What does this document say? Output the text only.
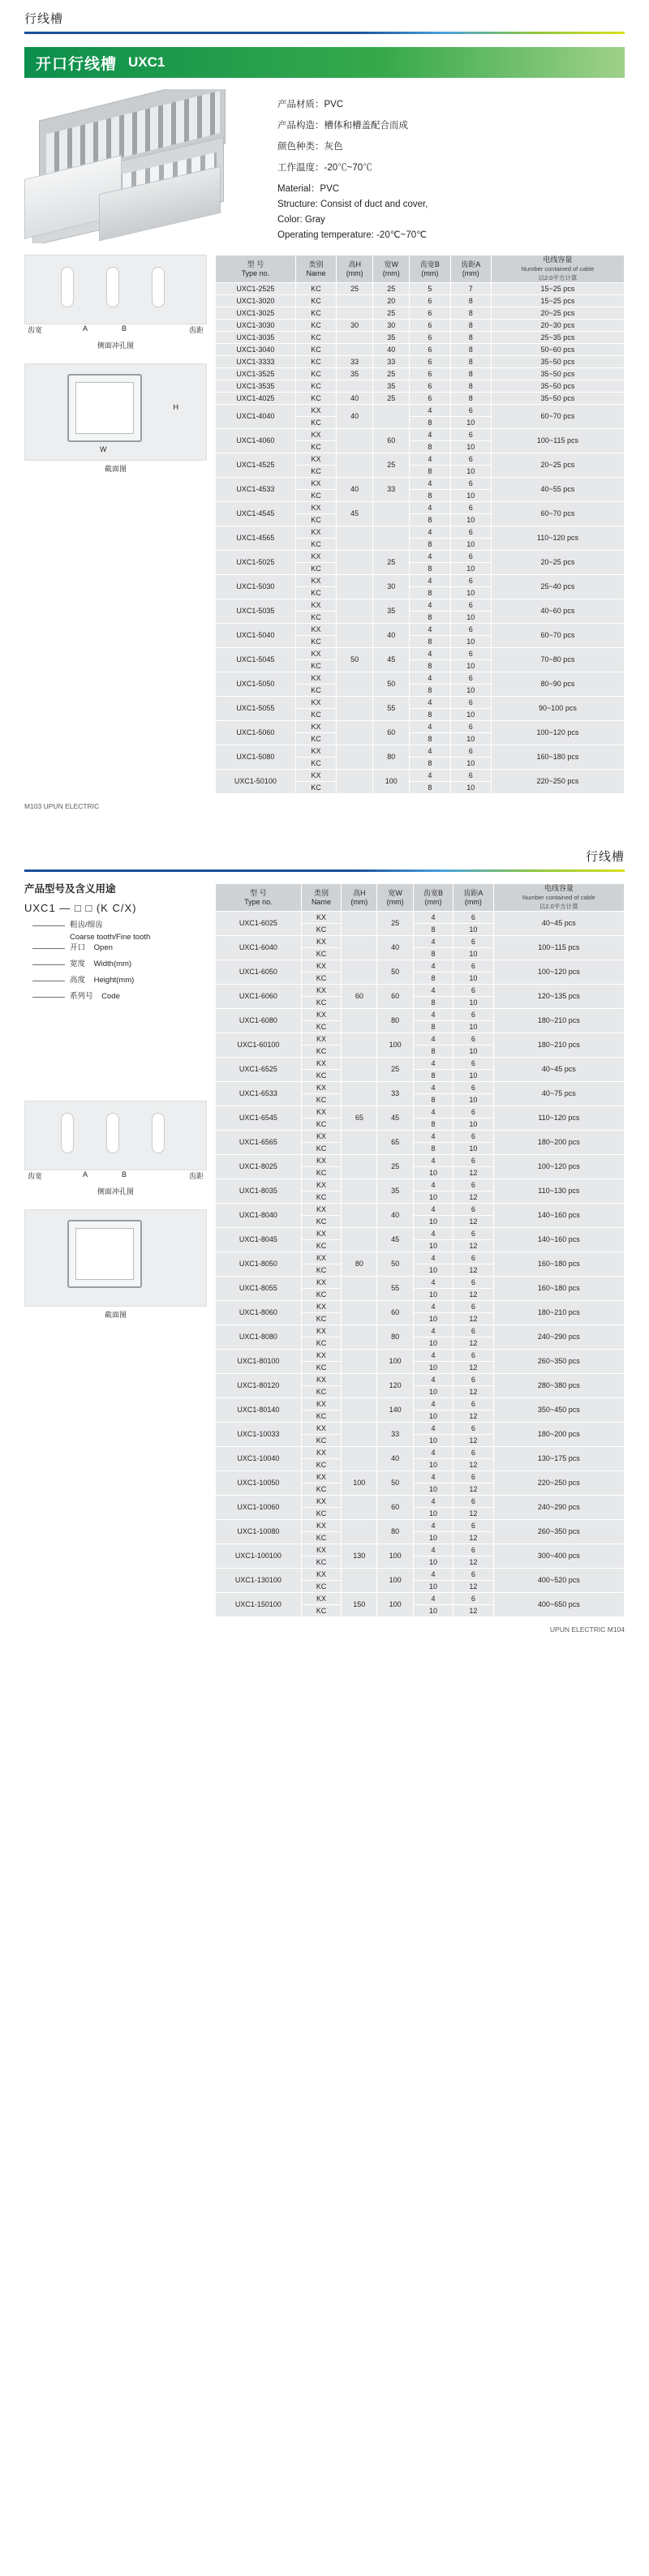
行线槽
开口行线槽 UXC1
产品材质：PVC
产品构造：槽体和槽盖配合而成
颜色种类：灰色
工作温度：-20℃~70℃
Material：PVC
Structure: Consist of duct and cover,
Color: Gray
Operating temperature: -20℃~70℃
齿宽	A	B	齿距
侧面冲孔图
H
W
截面图
型 号
Type no.

类别
Name

高H
(mm)

宽W
(mm)

齿宽B
(mm)

齿距A
(mm)

电线容量
Number contained of cable
以2.0平方计算

UXC1-2525	KC	25	25	5	7	15~25 pcs
UXC1-3020	KC		20	6	8	15~25 pcs
UXC1-3025	KC		25	6	8	20~25 pcs
UXC1-3030	KC	30	30	6	8	20~30 pcs
UXC1-3035	KC		35	6	8	25~35 pcs
UXC1-3040	KC		40	6	8	50~60 pcs
UXC1-3333	KC	33	33	6	8	35~50 pcs
UXC1-3525	KC	35	25	6	8	35~50 pcs
UXC1-3535	KC		35	6	8	35~50 pcs
UXC1-4025	KC	40	25	6	8	35~50 pcs
UXC1-4040	KX	40		4	6	60~70 pcs
	KC			8	10	
UXC1-4060	KX		60	4	6	100~115 pcs
	KC			8	10	
UXC1-4525	KX		25	4	6	20~25 pcs
	KC			8	10	
UXC1-4533	KX	40	33	4	6	40~55 pcs
	KC			8	10	
UXC1-4545	KX	45		4	6	60~70 pcs
	KC			8	10	
UXC1-4565	KX			4	6	110~120 pcs
	KC			8	10	
UXC1-5025	KX		25	4	6	20~25 pcs
	KC			8	10	
UXC1-5030	KX		30	4	6	25~40 pcs
	KC			8	10	
UXC1-5035	KX		35	4	6	40~60 pcs
	KC			8	10	
UXC1-5040	KX		40	4	6	60~70 pcs
	KC			8	10	
UXC1-5045	KX	50	45	4	6	70~80 pcs
	KC			8	10	
UXC1-5050	KX		50	4	6	80~90 pcs
	KC			8	10	
UXC1-5055	KX		55	4	6	90~100 pcs
	KC			8	10	
UXC1-5060	KX		60	4	6	100~120 pcs
	KC			8	10	
UXC1-5080	KX		80	4	6	160~180 pcs
	KC			8	10	
UXC1-50100	KX		100	4	6	220~250 pcs
	KC			8	10	
M103 UPUN ELECTRIC
行线槽
产品型号及含义用途
UXC1 — □ □ (K C/X)
粗齿/细齿
Coarse tooth/Fine tooth
开口 Open
宽度 Width(mm)
高度 Height(mm)
系列号 Code
齿宽	A	B	齿距
侧面冲孔图
截面图
型 号
Type no.

类别
Name

高H
(mm)

宽W
(mm)

齿宽B
(mm)

齿距A
(mm)

电线容量
Number contained of cable
以2.0平方计算

UXC1-6025	KX		25	4	6	40~45 pcs
	KC			8	10	
UXC1-6040	KX		40	4	6	100~115 pcs
	KC			8	10	
UXC1-6050	KX		50	4	6	100~120 pcs
	KC			8	10	
UXC1-6060	KX	60	60	4	6	120~135 pcs
	KC			8	10	
UXC1-6080	KX		80	4	6	180~210 pcs
	KC			8	10	
UXC1-60100	KX		100	4	6	180~210 pcs
	KC			8	10	
UXC1-6525	KX		25	4	6	40~45 pcs
	KC			8	10	
UXC1-6533	KX		33	4	6	40~75 pcs
	KC			8	10	
UXC1-6545	KX	65	45	4	6	110~120 pcs
	KC			8	10	
UXC1-6565	KX		65	4	6	180~200 pcs
	KC			8	10	
UXC1-8025	KX		25	4	6	100~120 pcs
	KC			10	12	
UXC1-8035	KX		35	4	6	110~130 pcs
	KC			10	12	
UXC1-8040	KX		40	4	6	140~160 pcs
	KC			10	12	
UXC1-8045	KX		45	4	6	140~160 pcs
	KC			10	12	
UXC1-8050	KX	80	50	4	6	160~180 pcs
	KC			10	12	
UXC1-8055	KX		55	4	6	160~180 pcs
	KC			10	12	
UXC1-8060	KX		60	4	6	180~210 pcs
	KC			10	12	
UXC1-8080	KX		80	4	6	240~290 pcs
	KC			10	12	
UXC1-80100	KX		100	4	6	260~350 pcs
	KC			10	12	
UXC1-80120	KX		120	4	6	280~380 pcs
	KC			10	12	
UXC1-80140	KX		140	4	6	350~450 pcs
	KC			10	12	
UXC1-10033	KX		33	4	6	180~200 pcs
	KC			10	12	
UXC1-10040	KX		40	4	6	130~175 pcs
	KC			10	12	
UXC1-10050	KX	100	50	4	6	220~250 pcs
	KC			10	12	
UXC1-10060	KX		60	4	6	240~290 pcs
	KC			10	12	
UXC1-10080	KX		80	4	6	260~350 pcs
	KC			10	12	
UXC1-100100	KX	130	100	4	6	300~400 pcs
	KC			10	12	
UXC1-130100	KX		100	4	6	400~520 pcs
	KC			10	12	
UXC1-150100	KX	150	100	4	6	400~650 pcs
	KC			10	12	
UPUN ELECTRIC M104
